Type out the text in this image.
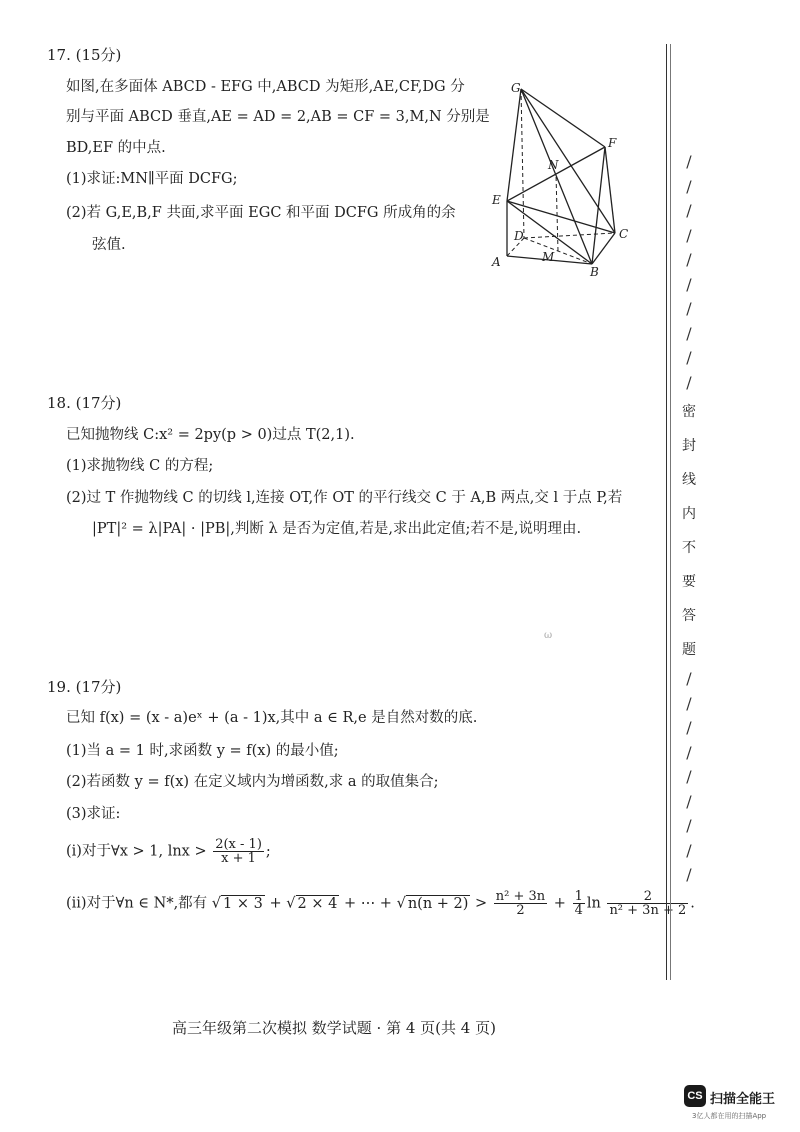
17. (15分)
如图,在多面体 ABCD - EFG 中,ABCD 为矩形,AE,CF,DG 分
别与平面 ABCD 垂直,AE = AD = 2,AB = CF = 3,M,N 分别是
BD,EF 的中点.
(1)求证:MN∥平面 DCFG;
(2)若 G,E,B,F 共面,求平面 EGC 和平面 DCFG 所成角的余
弦值.
G
F
N
E
D	C
A	M
B
18. (17分)
已知抛物线 C:x² = 2py(p > 0)过点 T(2,1).
(1)求抛物线 C 的方程;
(2)过 T 作抛物线 C 的切线 l,连接 OT,作 OT 的平行线交 C 于 A,B 两点,交 l 于点 P,若
|PT|² = λ|PA| · |PB|,判断 λ 是否为定值,若是,求出此定值;若不是,说明理由.
ω
19. (17分)
已知 f(x) = (x - a)eˣ + (a - 1)x,其中 a ∈ R,e 是自然对数的底.
(1)当 a = 1 时,求函数 y = f(x) 的最小值;
(2)若函数 y = f(x) 在定义域内为增函数,求 a 的取值集合;
(3)求证:
(i)对于∀x > 1, $\ln x > \frac{2(x - 1)}{x + 1}$ ;
(ii)对于∀n ∈ N*,都有 √ 1 × 3 + √ 2 × 4 + ⋯ + √ $n(n + 2) > \frac{\text{n² + 3n}}{2} + \frac{1}{4}$ $\ln \frac{2}{\text{n² + 3n + 2}}$ .
/
/
/
/
/
/
/
/
/
/
密
封
线
内
不
要
答
题
/
/
/
/
/
/
/
/
/
高三年级第二次模拟 数学试题 · 第 4 页(共 4 页)
CS 扫描全能王
3亿人都在用的扫描App
